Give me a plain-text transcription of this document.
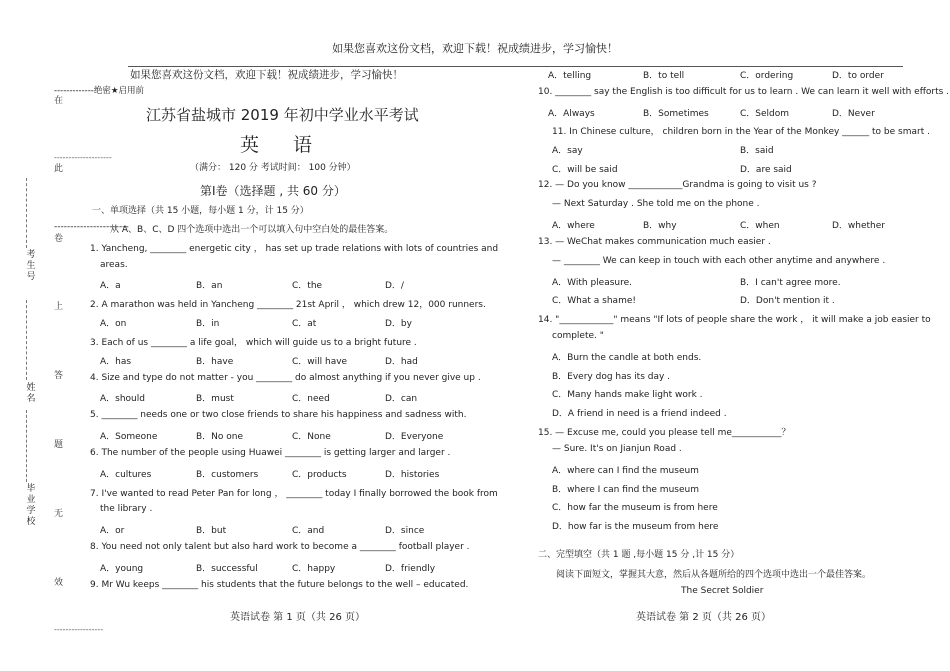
如果您喜欢这份文档，欢迎下载！祝成绩进步，学习愉快！
如果您喜欢这份文档，欢迎下载！祝成绩进步，学习愉快！
-------------绝密★启用前
在
--------------------
此
卷
上
答
题
无
效
-----------------
考生号
姓名
毕业学校
江苏省盐城市 2019 年初中学业水平考试
英 语
（满分： 120 分 考试时间： 100 分钟）
第Ⅰ卷（选择题 , 共 60 分）
一、单项选择（共 15 小题，每小题 1 分，计 15 分）
-----------------------
从 A、B、C、D 四个选项中选出一个可以填入句中空白处的最佳答案。
1. Yancheng, ________ energetic city ， has set up trade relations with lots of countries and
areas.
A．a	B．an	C．the	D．/
2. A marathon was held in Yancheng ________ 21st April ， which drew 12，000 runners.
A．on	B．in	C．at	D．by
3. Each of us ________ a life goal， which will guide us to a bright future .
A．has	B．have	C．will have	D．had
4. Size and type do not matter - you ________ do almost anything if you never give up .
A．should	B．must	C．need	D．can
5. ________ needs one or two close friends to share his happiness and sadness with.
A．Someone	B．No one	C．None	D．Everyone
6. The number of the people using Huawei ________ is getting larger and larger .
A．cultures	B．customers	C．products	D．histories
7. I've wanted to read Peter Pan for long ， ________ today I finally borrowed the book from
the library .
A．or	B．but	C．and	D．since
8. You need not only talent but also hard work to become a ________ football player .
A．young	B．successful	C．happy	D．friendly
9. Mr Wu keeps ________ his students that the future belongs to the well – educated.
A．telling	B．to tell	C．ordering	D．to order
10. ________ say the English is too difficult for us to learn . We can learn it well with efforts .
A．Always	B．Sometimes	C．Seldom	D．Never
11. In Chinese culture， children born in the Year of the Monkey ______ to be smart .
A．say	B．said
C．will be said	D．are said
12. — Do you know ____________Grandma is going to visit us ?
— Next Saturday . She told me on the phone .
A．where	B．why	C．when	D．whether
13. — WeChat makes communication much easier .
— ________ We can keep in touch with each other anytime and anywhere .
A．With pleasure.	B．I can't agree more.
C．What a shame!	D．Don't mention it .
14. "____________" means "If lots of people share the work ， it will make a job easier to
complete. "
A．Burn the candle at both ends.
B．Every dog has its day .
C．Many hands make light work .
D．A friend in need is a friend indeed .
15. — Excuse me, could you please tell me___________？
— Sure. It's on Jianjun Road .
A．where can I find the museum
B．where I can find the museum
C．how far the museum is from here
D．how far is the museum from here
二、完型填空（共 1 题 ,每小题 15 分 ,计 15 分）
阅读下面短文，掌握其大意，然后从各题所给的四个选项中选出一个最佳答案。
The Secret Soldier
英语试卷 第 1 页（共 26 页）	英语试卷 第 2 页（共 26 页）
